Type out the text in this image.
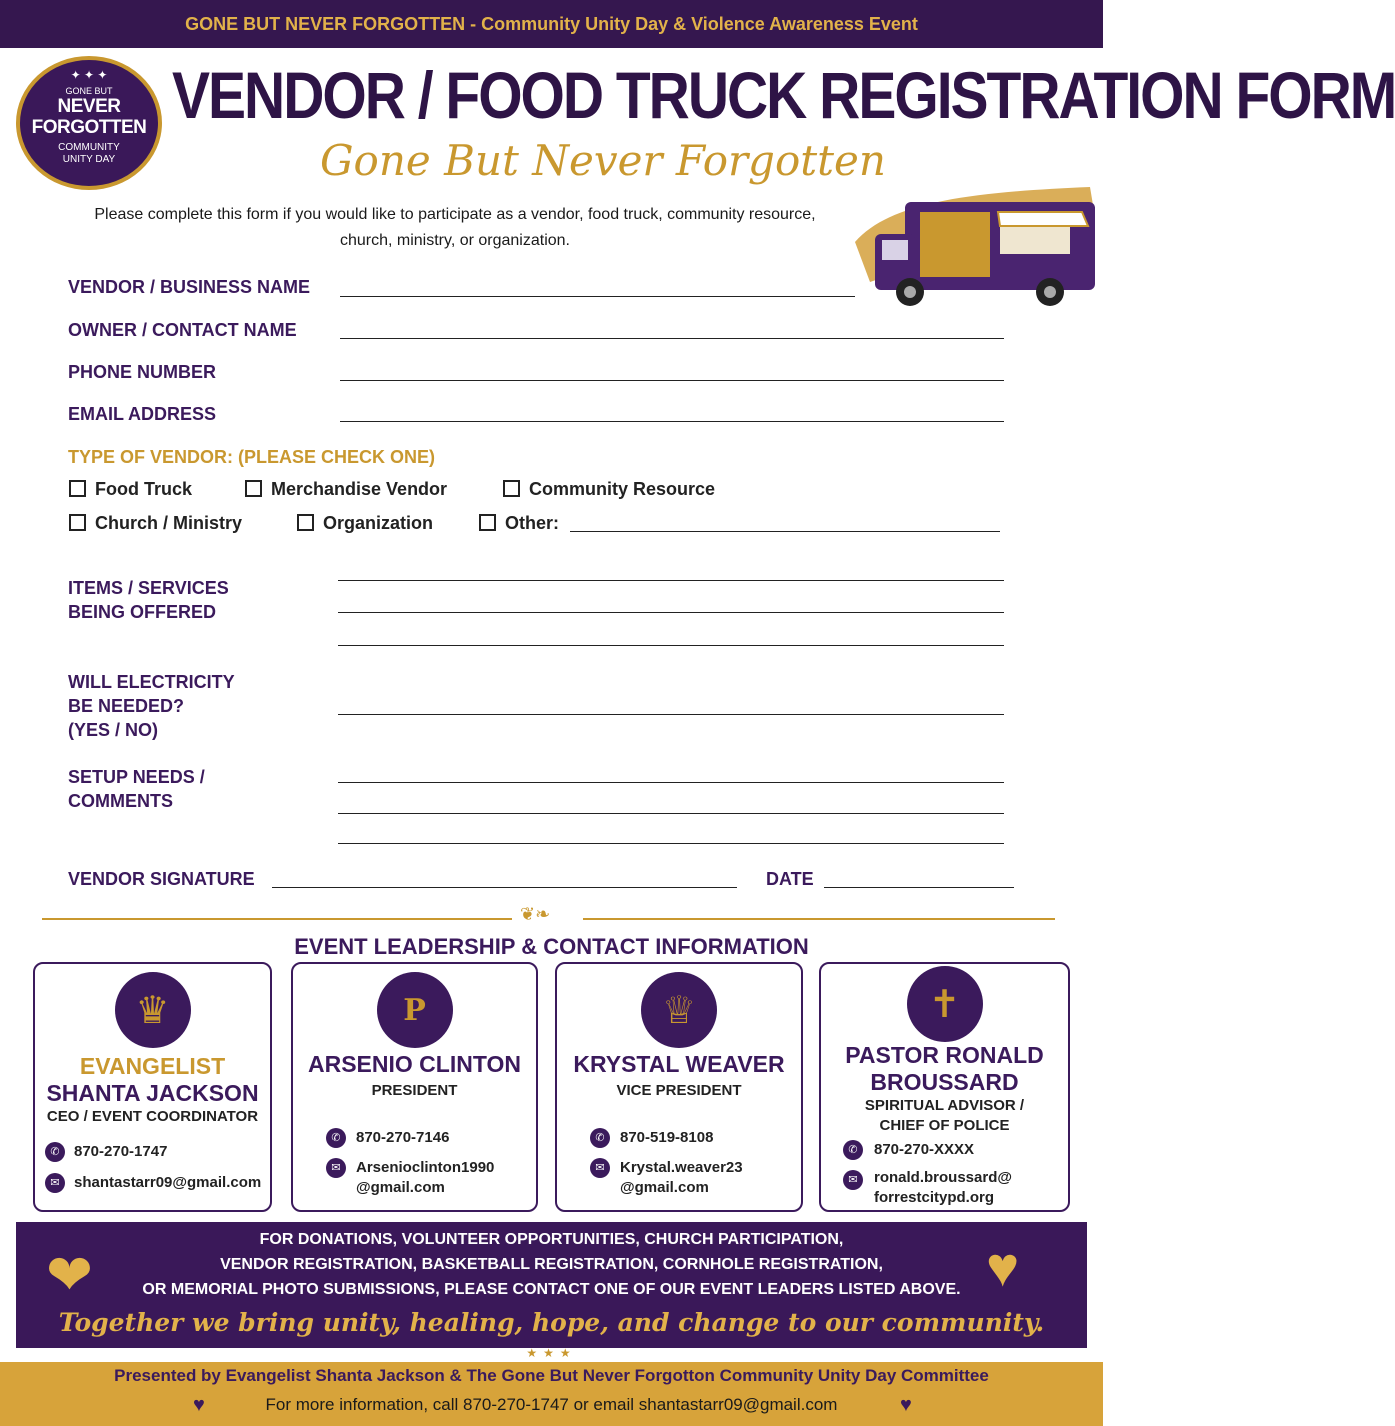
GONE BUT NEVER FORGOTTEN - Community Unity Day & Violence Awareness Event
✦ ✦ ✦
GONE BUT
NEVER
FORGOTTEN
COMMUNITY
UNITY DAY
VENDOR / FOOD TRUCK REGISTRATION FORM
Gone But Never Forgotten
Please complete this form if you would like to participate as a vendor, food truck, community resource,
church, ministry, or organization.
VENDOR / BUSINESS NAME
OWNER / CONTACT NAME
PHONE NUMBER
EMAIL ADDRESS
TYPE OF VENDOR: (PLEASE CHECK ONE)
Food Truck	Merchandise Vendor	Community Resource
Church / Ministry	Organization	Other:
ITEMS / SERVICES
BEING OFFERED
WILL ELECTRICITY
BE NEEDED?
(YES / NO)
SETUP NEEDS /
COMMENTS
VENDOR SIGNATURE	DATE
❦❧
EVENT LEADERSHIP & CONTACT INFORMATION
♛
EVANGELIST
SHANTA JACKSON
CEO / EVENT COORDINATOR
✆ 870-270-1747
✉ shantastarr09@gmail.com
P
ARSENIO CLINTON
PRESIDENT
✆	870-270-7146
✉	Arsenioclinton1990
@gmail.com
♕
KRYSTAL WEAVER
VICE PRESIDENT
✆	870-519-8108
✉	Krystal.weaver23
@gmail.com
✝
PASTOR RONALD
BROUSSARD
SPIRITUAL ADVISOR /
CHIEF OF POLICE
✆	870-270-XXXX
✉	ronald.broussard@
forrestcitypd.org
❤	♥
FOR DONATIONS, VOLUNTEER OPPORTUNITIES, CHURCH PARTICIPATION,
VENDOR REGISTRATION, BASKETBALL REGISTRATION, CORNHOLE REGISTRATION,
OR MEMORIAL PHOTO SUBMISSIONS, PLEASE CONTACT ONE OF OUR EVENT LEADERS LISTED ABOVE.
Together we bring unity, healing, hope, and change to our community.
★★★
Presented by Evangelist Shanta Jackson & The Gone But Never Forgotton Community Unity Day Committee
♥	For more information, call 870-270-1747 or email shantastarr09@gmail.com	♥
